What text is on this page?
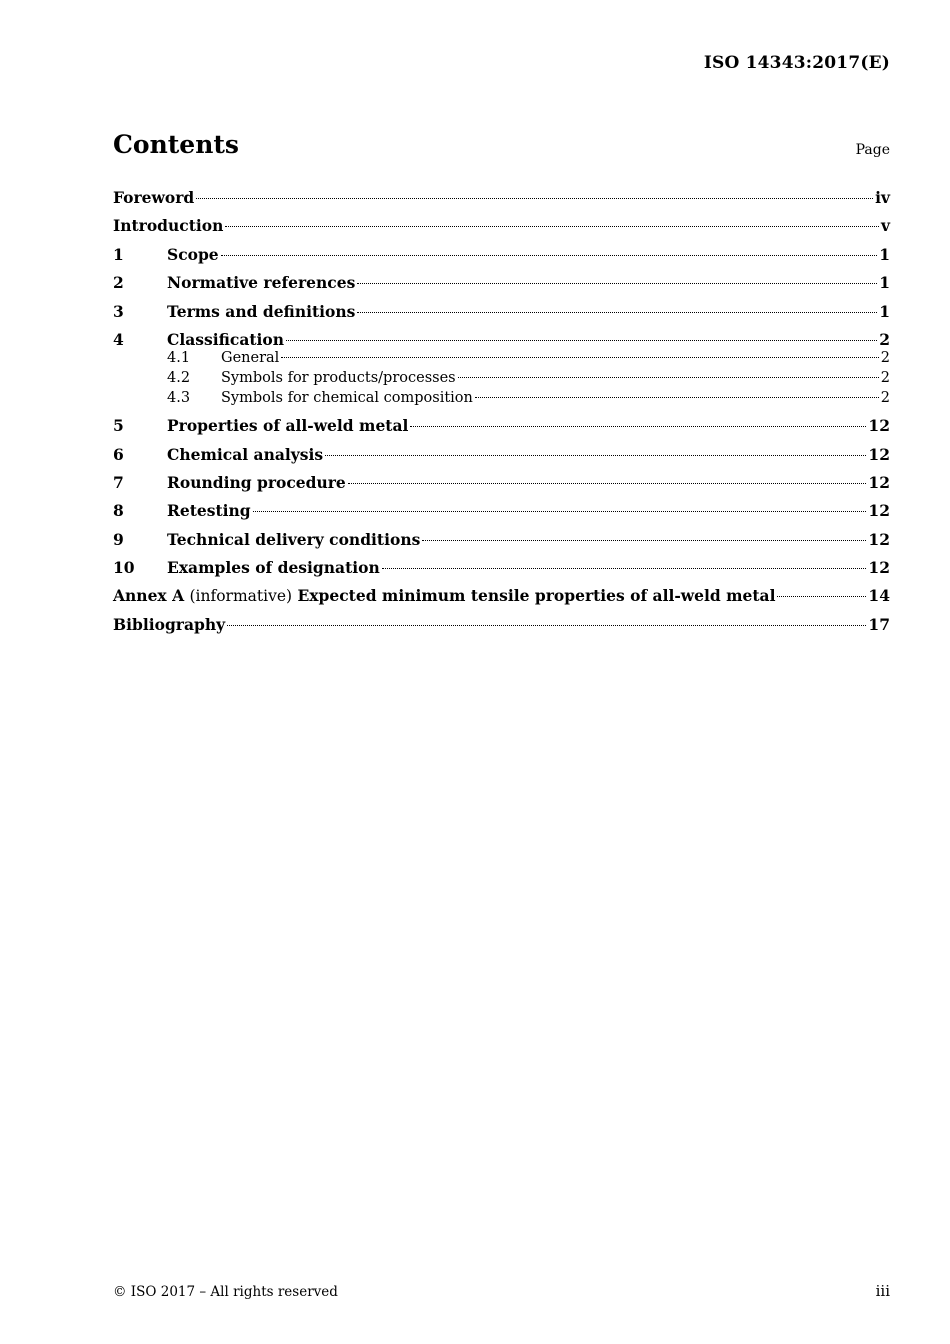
ISO 14343:2017(E)
Contents	Page
Foreword	iv
Introduction	v
1	Scope	1
2	Normative references	1
3	Terms and definitions	1
4	Classification	2
4.1	General	2
4.2	Symbols for products/processes	2
4.3	Symbols for chemical composition	2
5	Properties of all-weld metal	12
6	Chemical analysis	12
7	Rounding procedure	12
8	Retesting	12
9	Technical delivery conditions	12
10	Examples of designation	12
Annex A (informative) Expected minimum tensile properties of all-weld metal	14
Bibliography	17
© ISO 2017 – All rights reserved	iii
